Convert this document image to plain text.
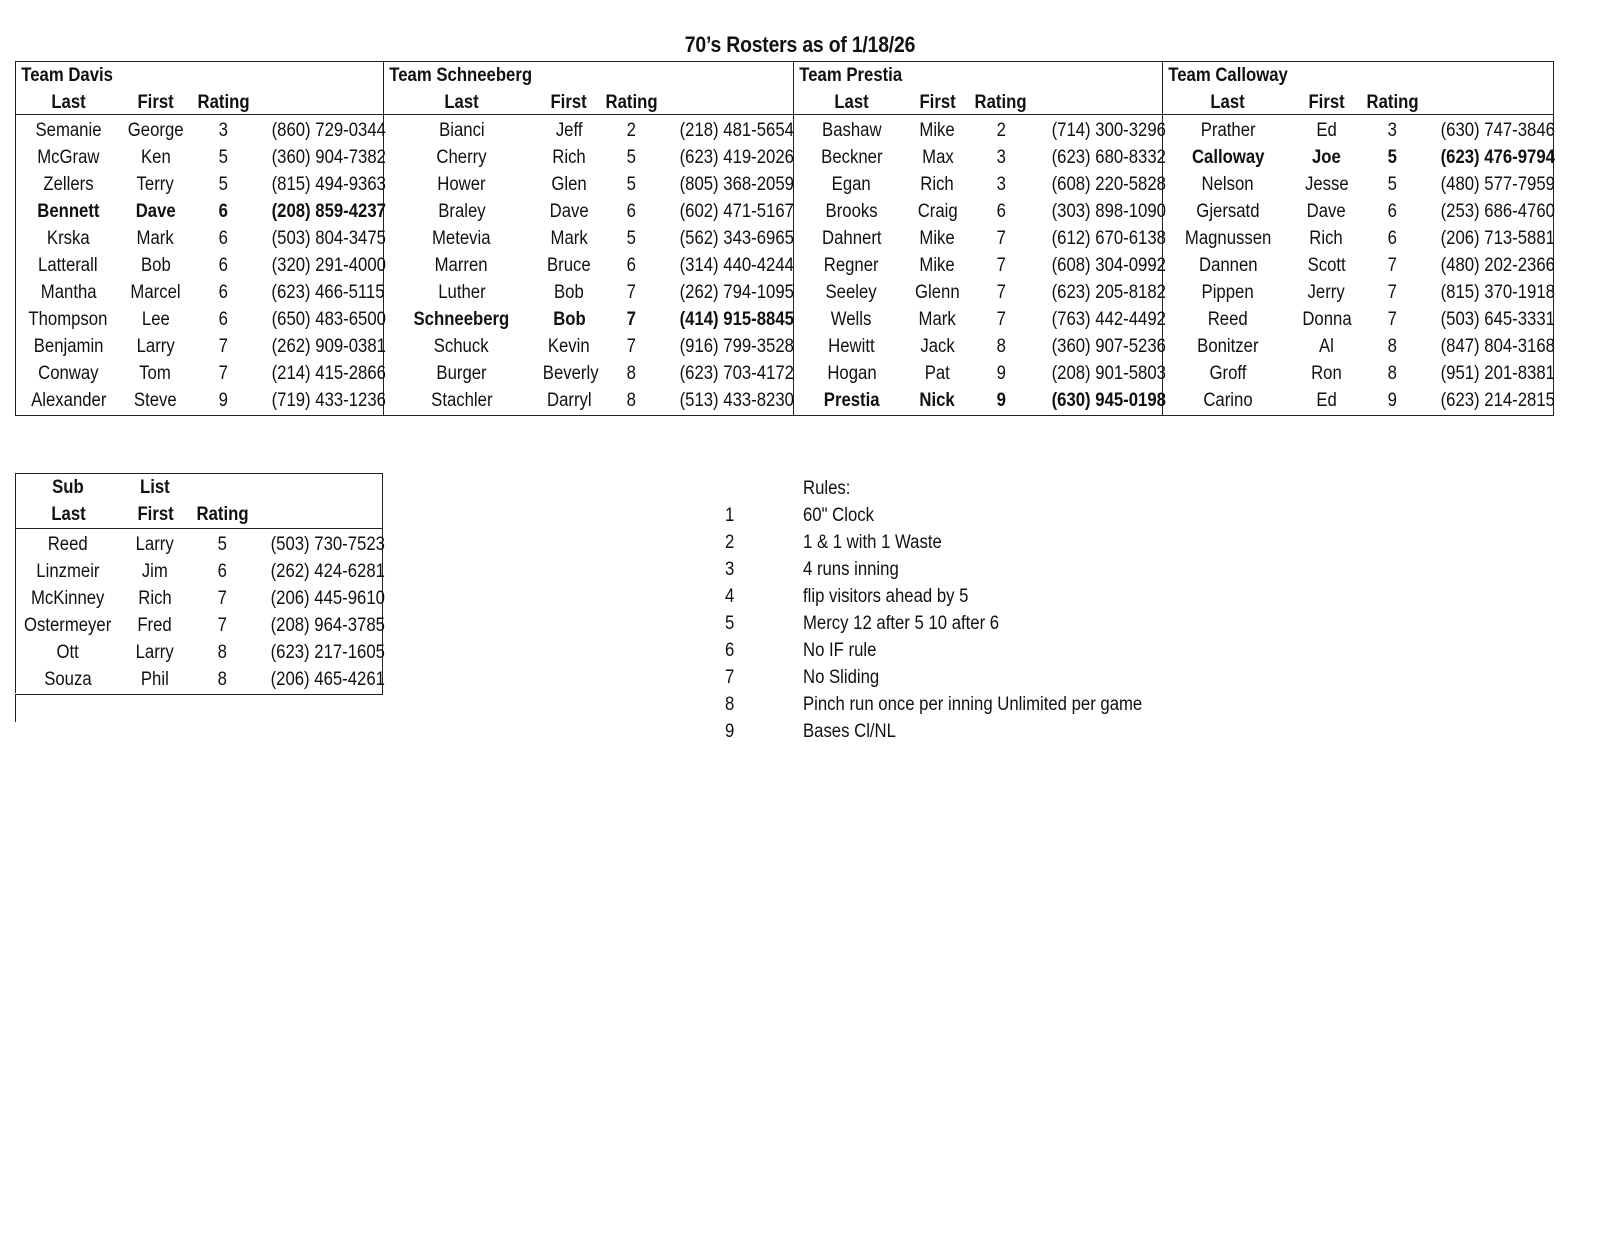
70’s Rosters as of 1/18/26
Team Davis
Last	First	Rating
Semanie	George	3	(860) 729-0344
McGraw	Ken	5	(360) 904-7382
Zellers	Terry	5	(815) 494-9363
Bennett	Dave	6	(208) 859-4237
Krska	Mark	6	(503) 804-3475
Latterall	Bob	6	(320) 291-4000
Mantha	Marcel	6	(623) 466-5115
Thompson	Lee	6	(650) 483-6500
Benjamin	Larry	7	(262) 909-0381
Conway	Tom	7	(214) 415-2866
Alexander	Steve	9	(719) 433-1236
Team Schneeberg
Last	First Rating
Bianci	Jeff	2	(218) 481-5654
Cherry	Rich	5	(623) 419-2026
Hower	Glen	5	(805) 368-2059
Braley	Dave	6	(602) 471-5167
Metevia	Mark	5	(562) 343-6965
Marren	Bruce	6	(314) 440-4244
Luther	Bob	7	(262) 794-1095
Schneeberg	Bob	7	(414) 915-8845
Schuck	Kevin	7	(916) 799-3528
Burger	Beverly	8	(623) 703-4172
Stachler	Darryl	8	(513) 433-8230
Team Prestia
Last	First	Rating
Bashaw	Mike	2	(714) 300-3296
Beckner	Max	3	(623) 680-8332
Egan	Rich	3	(608) 220-5828
Brooks	Craig	6	(303) 898-1090
Dahnert	Mike	7	(612) 670-6138
Regner	Mike	7	(608) 304-0992
Seeley	Glenn	7	(623) 205-8182
Wells	Mark	7	(763) 442-4492
Hewitt	Jack	8	(360) 907-5236
Hogan	Pat	9	(208) 901-5803
Prestia	Nick	9	(630) 945-0198
Team Calloway
Last	First	Rating
Prather	Ed	3	(630) 747-3846
Calloway	Joe	5	(623) 476-9794
Nelson	Jesse	5	(480) 577-7959
Gjersatd	Dave	6	(253) 686-4760
Magnussen	Rich	6	(206) 713-5881
Dannen	Scott	7	(480) 202-2366
Pippen	Jerry	7	(815) 370-1918
Reed	Donna	7	(503) 645-3331
Bonitzer	Al	8	(847) 804-3168
Groff	Ron	8	(951) 201-8381
Carino	Ed	9	(623) 214-2815
Sub	List
Last	First	Rating
Reed	Larry	5	(503) 730-7523
Linzmeir	Jim	6	(262) 424-6281
McKinney	Rich	7	(206) 445-9610
Ostermeyer	Fred	7	(208) 964-3785
Ott	Larry	8	(623) 217-1605
Souza	Phil	8	(206) 465-4261
Rules:
1	60" Clock
2	1 & 1 with 1 Waste
3	4 runs inning
4	flip visitors ahead by 5
5	Mercy 12 after 5 10 after 6
6	No IF rule
7	No Sliding
8	Pinch run once per inning Unlimited per game
9	Bases Cl/NL
